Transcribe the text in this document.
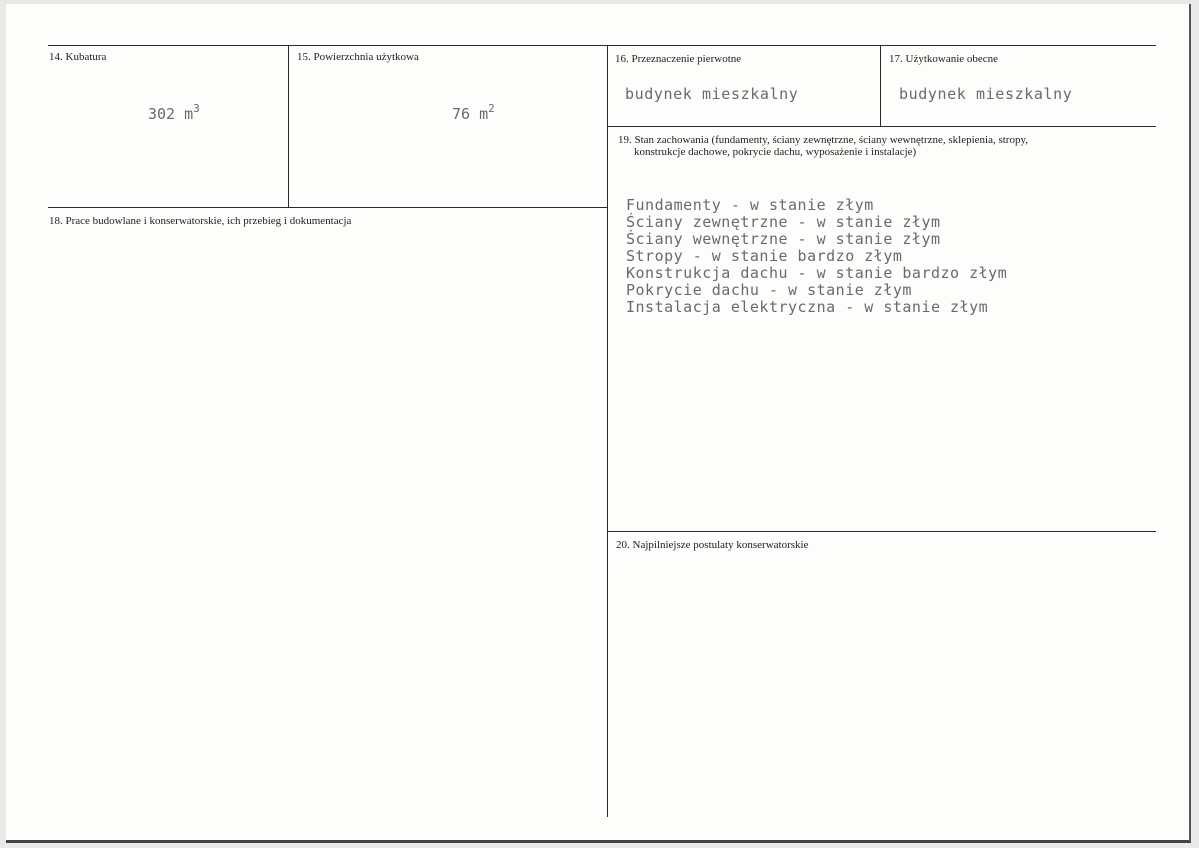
14. Kubatura
302 $m^3$
15. Powierzchnia użytkowa
76 $m^2$
16. Przeznaczenie pierwotne
budynek mieszkalny
17. Użytkowanie obecne
budynek mieszkalny
18. Prace budowlane i konserwatorskie, ich przebieg i dokumentacja
19. Stan zachowania (fundamenty, ściany zewnętrzne, ściany wewnętrzne, sklepienia, stropy,
konstrukcje dachowe, pokrycie dachu, wyposażenie i instalacje)
Fundamenty - w stanie złym
Ściany zewnętrzne - w stanie złym
Ściany wewnętrzne - w stanie złym
Stropy - w stanie bardzo złym
Konstrukcja dachu - w stanie bardzo złym
Pokrycie dachu - w stanie złym
Instalacja elektryczna - w stanie złym
20. Najpilniejsze postulaty konserwatorskie
